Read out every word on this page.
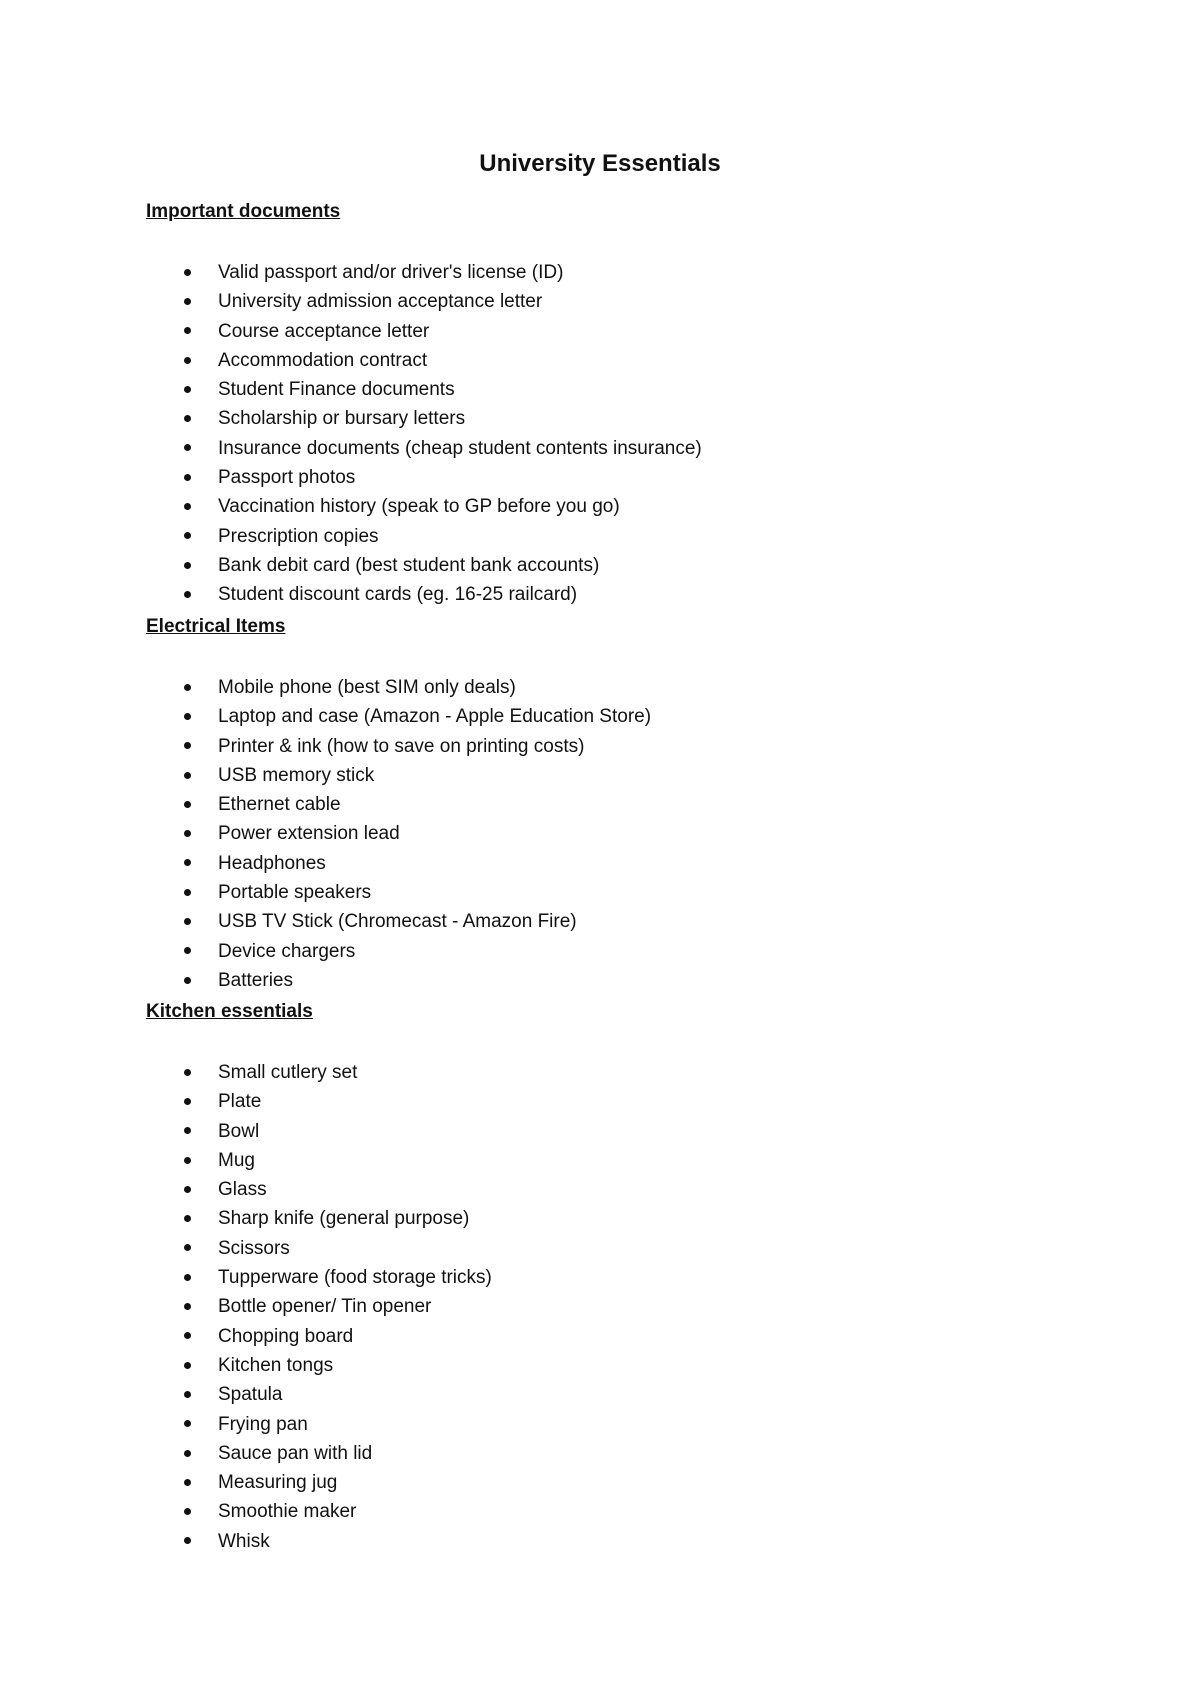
University Essentials
Important documents
Valid passport and/or driver's license (ID)
University admission acceptance letter
Course acceptance letter
Accommodation contract
Student Finance documents
Scholarship or bursary letters
Insurance documents (cheap student contents insurance)
Passport photos
Vaccination history (speak to GP before you go)
Prescription copies
Bank debit card (best student bank accounts)
Student discount cards (eg. 16-25 railcard)
Electrical Items
Mobile phone (best SIM only deals)
Laptop and case (Amazon - Apple Education Store)
Printer & ink (how to save on printing costs)
USB memory stick
Ethernet cable
Power extension lead
Headphones
Portable speakers
USB TV Stick (Chromecast - Amazon Fire)
Device chargers
Batteries
Kitchen essentials
Small cutlery set
Plate
Bowl
Mug
Glass
Sharp knife (general purpose)
Scissors
Tupperware (food storage tricks)
Bottle opener/ Tin opener
Chopping board
Kitchen tongs
Spatula
Frying pan
Sauce pan with lid
Measuring jug
Smoothie maker
Whisk
